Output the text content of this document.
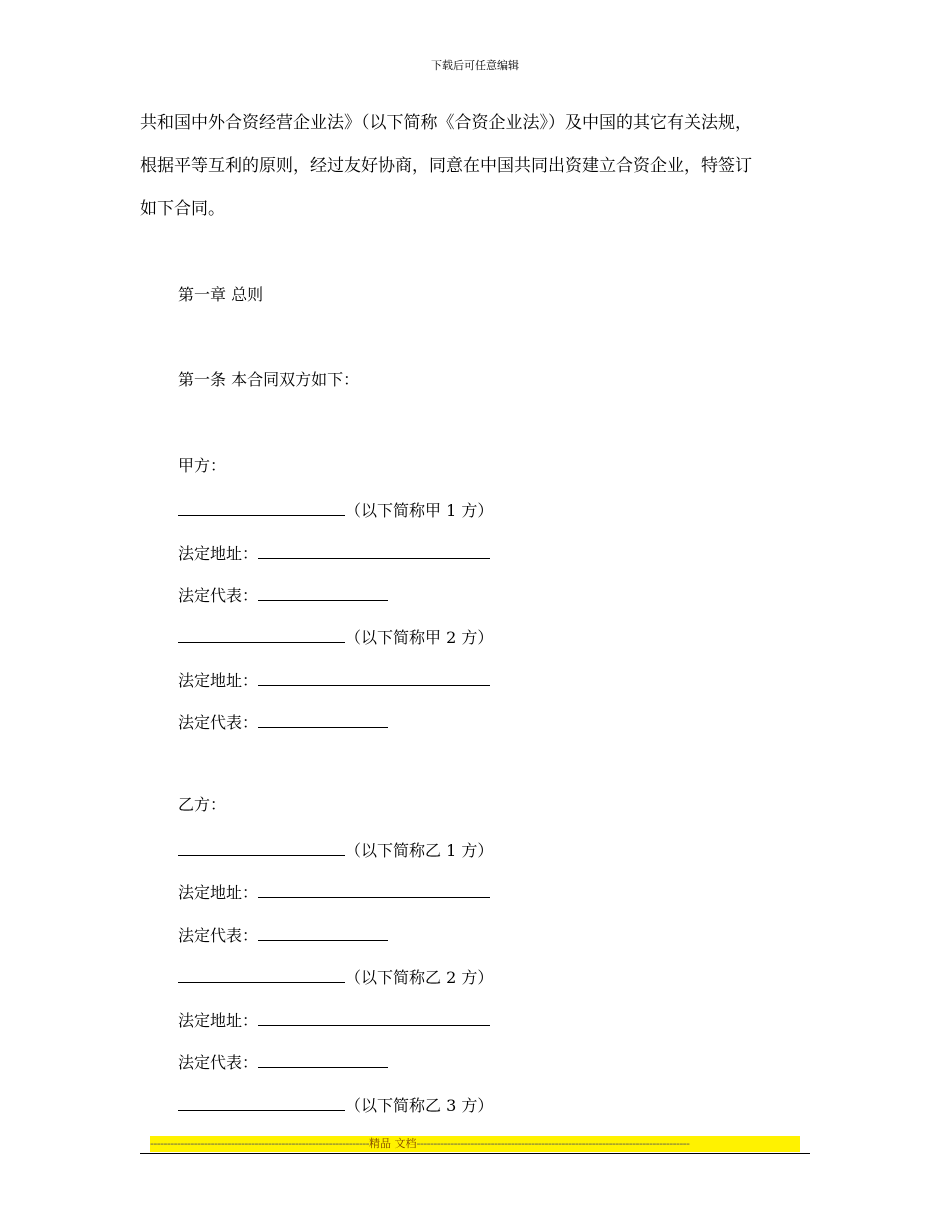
下载后可任意编辑

共和国中外合资经营企业法》（以下简称《合资企业法》）及中国的其它有关法规，

根据平等互利的原则，经过友好协商，同意在中国共同出资建立合资企业，特签订

如下合同。

第一章 总则
第一条 本合同双方如下：
甲方：
（以下简称甲 1 方）
法定地址：
法定代表：
（以下简称甲 2 方）
法定地址：
法定代表：
乙方：
（以下简称乙 1 方）
法定地址：
法定代表：
（以下简称乙 2 方）
法定地址：
法定代表：
（以下简称乙 3 方）
-----------------------------------------------------------------精品 文档---------------------------------------------------------------------------------
